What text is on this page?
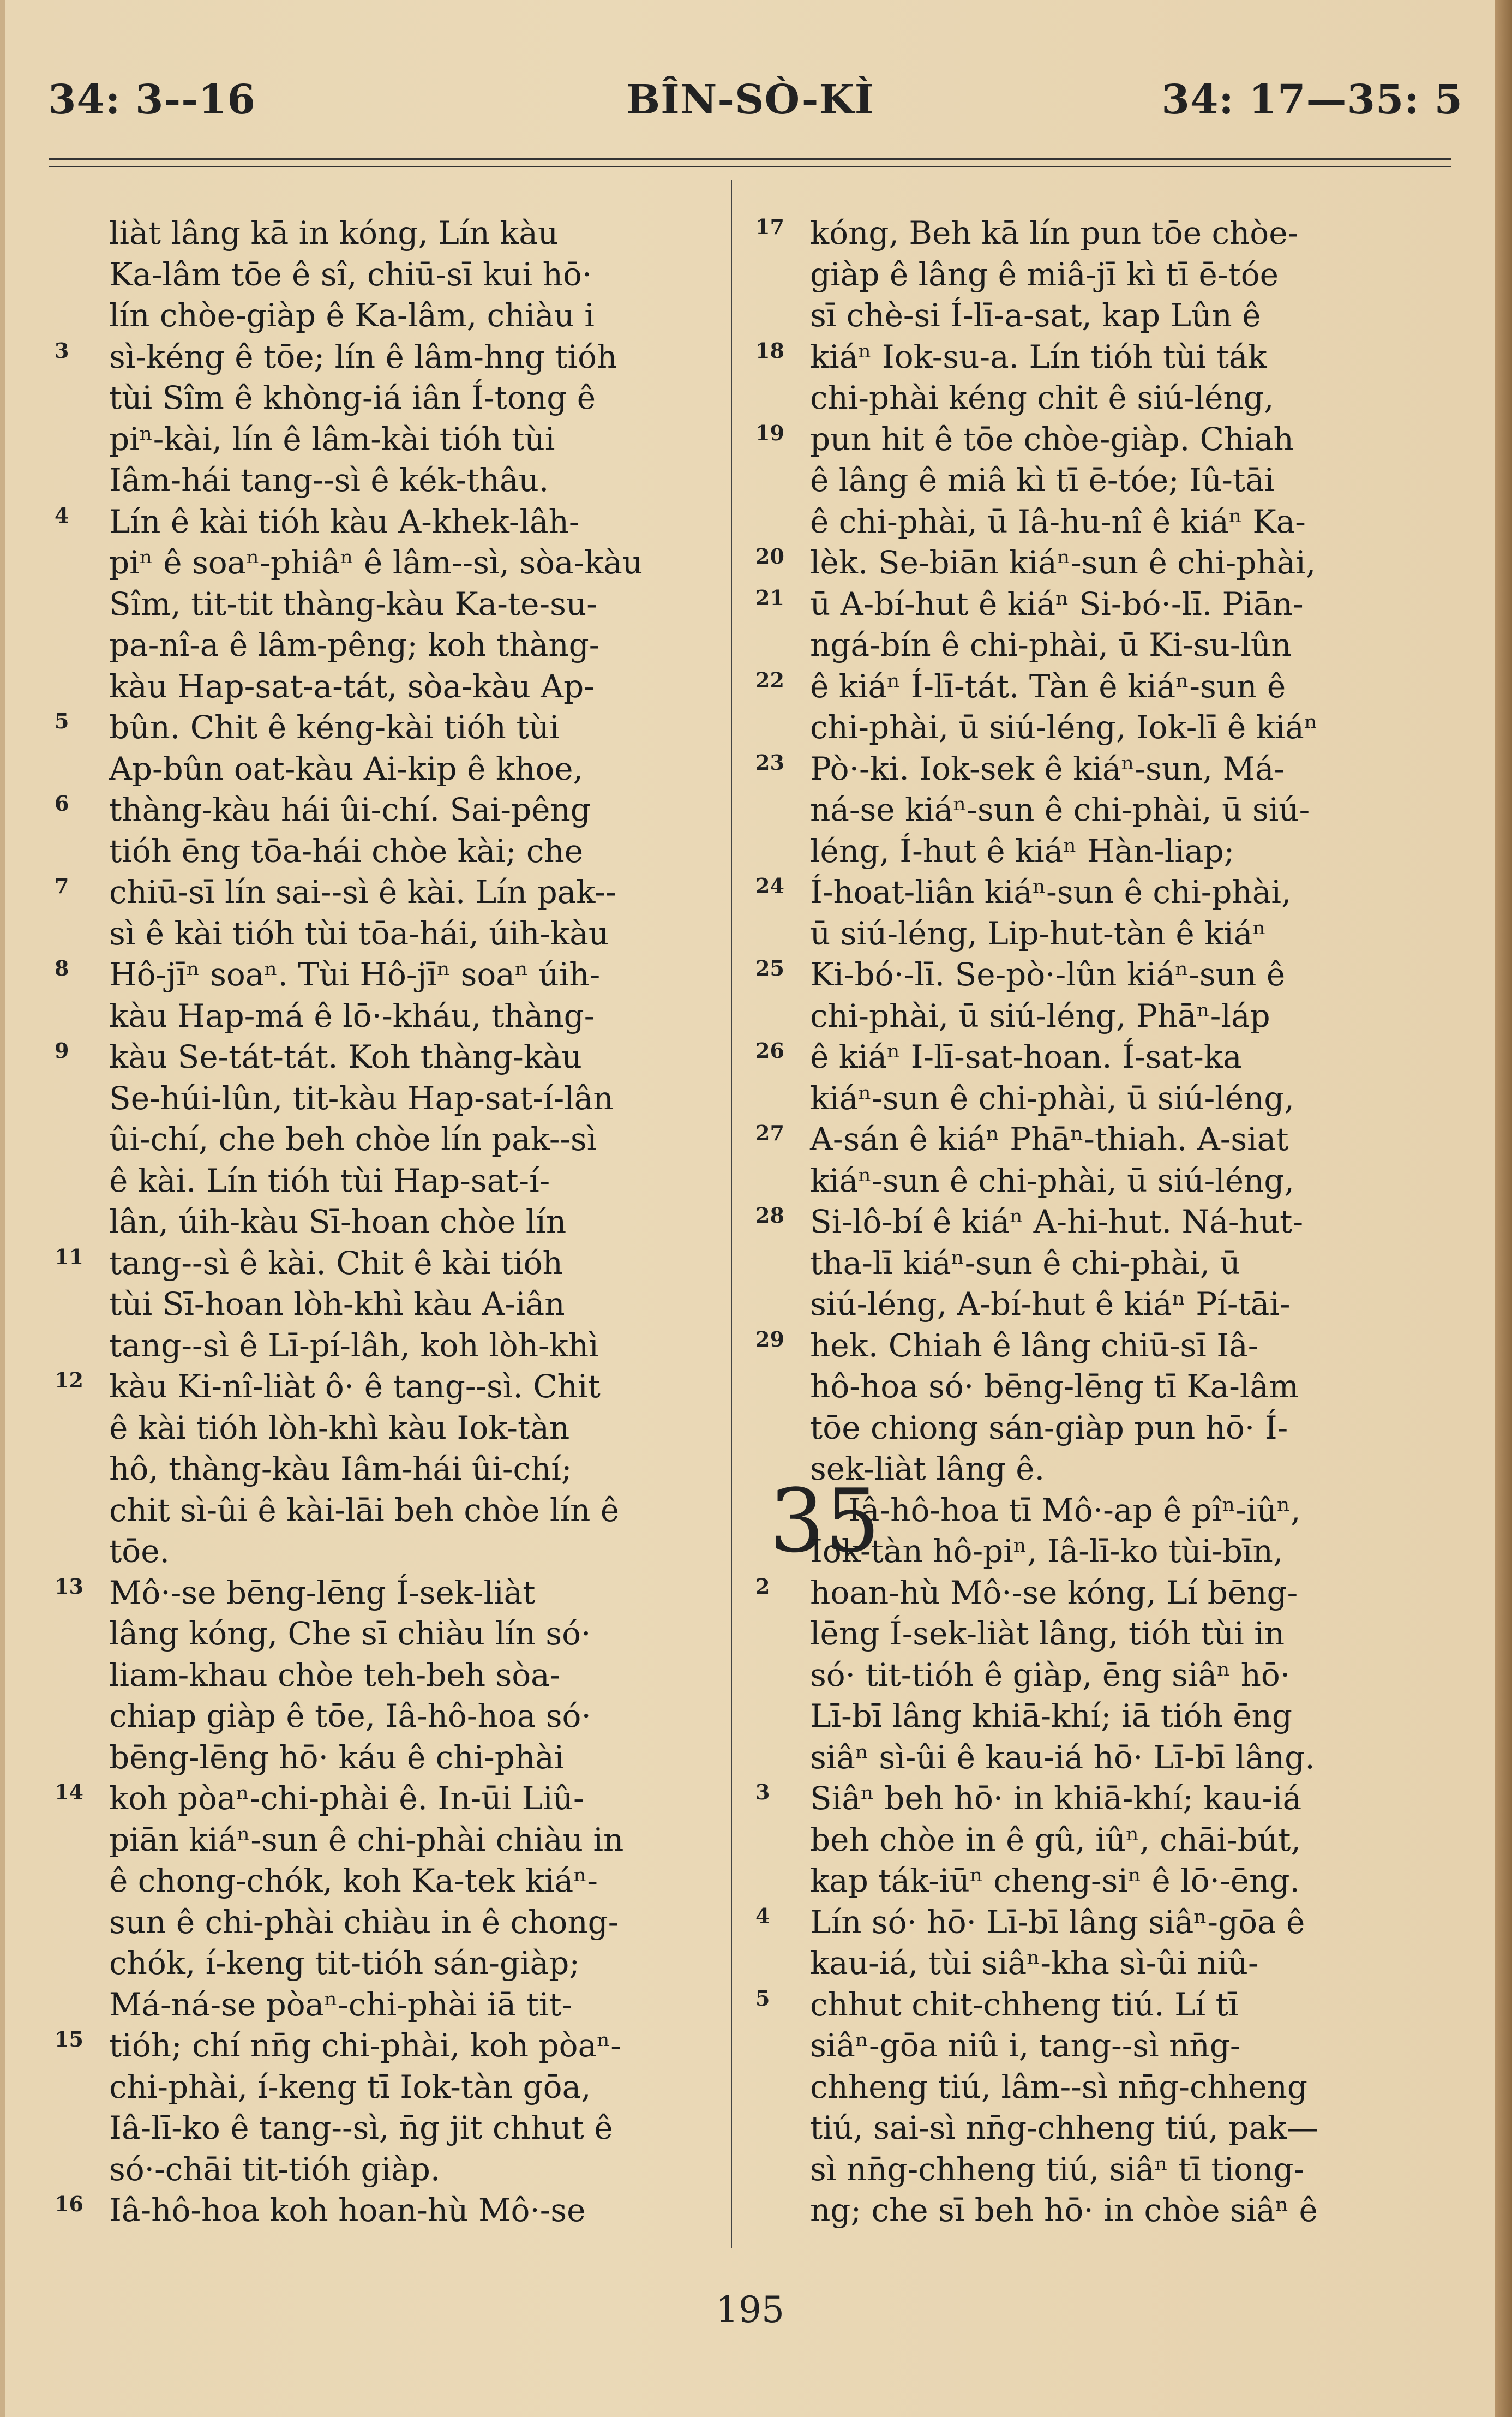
34: 3--16	BÎN-SÒ-KÌ	34: 17—35: 5
liàt lâng kā in kóng, Lín kàu
Ka-lâm tōe ê sî, chiū-sī kui hō·
lín chòe-giàp ê Ka-lâm, chiàu i
3 sì-kéng ê tōe; lín ê lâm-hng tióh
tùi Sîm ê khòng-iá iân Í-tong ê
piⁿ-kài, lín ê lâm-kài tióh tùi
Iâm-hái tang--sì ê kék-thâu.
4 Lín ê kài tióh kàu A-khek-lâh-
piⁿ ê soaⁿ-phiâⁿ ê lâm--sì, sòa-kàu
Sîm, tit-tit thàng-kàu Ka-te-su-
pa-nî-a ê lâm-pêng; koh thàng-
kàu Hap-sat-a-tát, sòa-kàu Ap-
5 bûn. Chit ê kéng-kài tióh tùi
Ap-bûn oat-kàu Ai-kip ê khoe,
6 thàng-kàu hái ûi-chí. Sai-pêng
tióh ēng tōa-hái chòe kài; che
7 chiū-sī lín sai--sì ê kài. Lín pak--
sì ê kài tióh tùi tōa-hái, úih-kàu
8 Hô-jīⁿ soaⁿ. Tùi Hô-jīⁿ soaⁿ úih-
kàu Hap-má ê lō·-kháu, thàng-
9 kàu Se-tát-tát. Koh thàng-kàu
Se-húi-lûn, tit-kàu Hap-sat-í-lân
ûi-chí, che beh chòe lín pak--sì
ê kài. Lín tióh tùi Hap-sat-í-
lân, úih-kàu Sī-hoan chòe lín
11 tang--sì ê kài. Chit ê kài tióh
tùi Sī-hoan lòh-khì kàu A-iân
tang--sì ê Lī-pí-lâh, koh lòh-khì
12 kàu Ki-nî-liàt ô· ê tang--sì. Chit
ê kài tióh lòh-khì kàu Iok-tàn
hô, thàng-kàu Iâm-hái ûi-chí;
chit sì-ûi ê kài-lāi beh chòe lín ê
tōe.
13 Mô·-se bēng-lēng Í-sek-liàt
lâng kóng, Che sī chiàu lín só·
liam-khau chòe teh-beh sòa-
chiap giàp ê tōe, Iâ-hô-hoa só·
bēng-lēng hō· káu ê chi-phài
14 koh pòaⁿ-chi-phài ê. In-ūi Liû-
piān kiáⁿ-sun ê chi-phài chiàu in
ê chong-chók, koh Ka-tek kiáⁿ-
sun ê chi-phài chiàu in ê chong-
chók, í-keng tit-tióh sán-giàp;
Má-ná-se pòaⁿ-chi-phài iā tit-
15 tióh; chí nn̄g chi-phài, koh pòaⁿ-
chi-phài, í-keng tī Iok-tàn gōa,
Iâ-lī-ko ê tang--sì, n̄g jit chhut ê
só·-chāi tit-tióh giàp.
16 Iâ-hô-hoa koh hoan-hù Mô·-se
17 kóng, Beh kā lín pun tōe chòe-
giàp ê lâng ê miâ-jī kì tī ē-tóe
sī chè-si Í-lī-a-sat, kap Lûn ê
18 kiáⁿ Iok-su-a. Lín tióh tùi ták
chi-phài kéng chit ê siú-léng,
19 pun hit ê tōe chòe-giàp. Chiah
ê lâng ê miâ kì tī ē-tóe; Iû-tāi
ê chi-phài, ū Iâ-hu-nî ê kiáⁿ Ka-
20 lèk. Se-biān kiáⁿ-sun ê chi-phài,
21 ū A-bí-hut ê kiáⁿ Si-bó·-lī. Piān-
ngá-bín ê chi-phài, ū Ki-su-lûn
22 ê kiáⁿ Í-lī-tát. Tàn ê kiáⁿ-sun ê
chi-phài, ū siú-léng, Iok-lī ê kiáⁿ
23 Pò·-ki. Iok-sek ê kiáⁿ-sun, Má-
ná-se kiáⁿ-sun ê chi-phài, ū siú-
léng, Í-hut ê kiáⁿ Hàn-liap;
24 Í-hoat-liân kiáⁿ-sun ê chi-phài,
ū siú-léng, Lip-hut-tàn ê kiáⁿ
25 Ki-bó·-lī. Se-pò·-lûn kiáⁿ-sun ê
chi-phài, ū siú-léng, Phāⁿ-láp
26 ê kiáⁿ I-lī-sat-hoan. Í-sat-ka
kiáⁿ-sun ê chi-phài, ū siú-léng,
27 A-sán ê kiáⁿ Phāⁿ-thiah. A-siat
kiáⁿ-sun ê chi-phài, ū siú-léng,
28 Si-lô-bí ê kiáⁿ A-hi-hut. Ná-hut-
tha-lī kiáⁿ-sun ê chi-phài, ū
siú-léng, A-bí-hut ê kiáⁿ Pí-tāi-
29 hek. Chiah ê lâng chiū-sī Iâ-
hô-hoa só· bēng-lēng tī Ka-lâm
tōe chiong sán-giàp pun hō· Í-
sek-liàt lâng ê.
35
Iâ-hô-hoa tī Mô·-ap ê pîⁿ-iûⁿ,
Iok-tàn hô-piⁿ, Iâ-lī-ko tùi-bīn,
2 hoan-hù Mô·-se kóng, Lí bēng-
lēng Í-sek-liàt lâng, tióh tùi in
só· tit-tióh ê giàp, ēng siâⁿ hō·
Lī-bī lâng khiā-khí; iā tióh ēng
siâⁿ sì-ûi ê kau-iá hō· Lī-bī lâng.
3 Siâⁿ beh hō· in khiā-khí; kau-iá
beh chòe in ê gû, iûⁿ, chāi-bút,
kap ták-iūⁿ cheng-siⁿ ê lō·-ēng.
4 Lín só· hō· Lī-bī lâng siâⁿ-gōa ê
kau-iá, tùi siâⁿ-kha sì-ûi niû-
5 chhut chit-chheng tiú. Lí tī
siâⁿ-gōa niû i, tang--sì nn̄g-
chheng tiú, lâm--sì nn̄g-chheng
tiú, sai-sì nn̄g-chheng tiú, pak—
sì nn̄g-chheng tiú, siâⁿ tī tiong-
ng; che sī beh hō· in chòe siâⁿ ê
195
